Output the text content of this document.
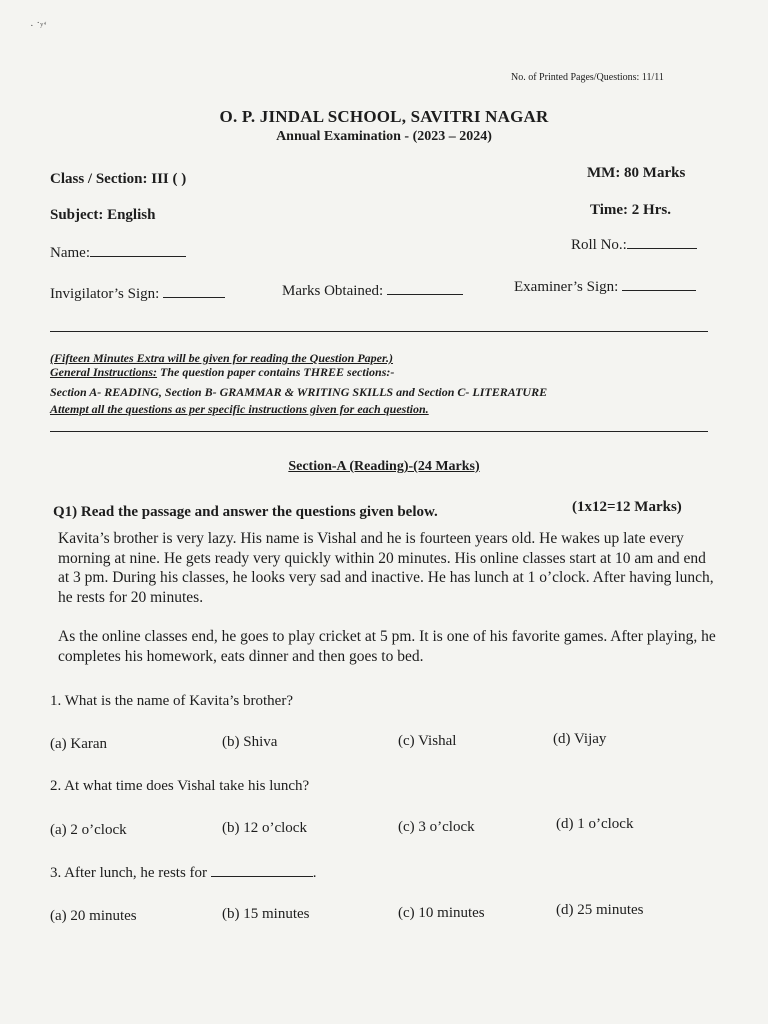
· ˙ʸ‘
No. of Printed Pages/Questions: 11/11
O. P. JINDAL SCHOOL, SAVITRI NAGAR
Annual Examination - (2023 – 2024)
Class / Section: III ( )	MM: 80 Marks
Subject: English	Time: 2 Hrs.
Name:	Roll No.:
Invigilator’s Sign:	Marks Obtained:	Examiner’s Sign:
(Fifteen Minutes Extra will be given for reading the Question Paper.)
General Instructions: The question paper contains THREE sections:-
Section A- READING, Section B- GRAMMAR & WRITING SKILLS and Section C- LITERATURE
Attempt all the questions as per specific instructions given for each question.
Section-A (Reading)-(24 Marks)
Q1) Read the passage and answer the questions given below.	(1x12=12 Marks)
Kavita’s brother is very lazy. His name is Vishal and he is fourteen years old. He wakes up late every morning at nine. He gets ready very quickly within 20 minutes. His online classes start at 10 am and end at 3 pm. During his classes, he looks very sad and inactive. He has lunch at 1 o’clock. After having lunch, he rests for 20 minutes.
As the online classes end, he goes to play cricket at 5 pm. It is one of his favorite games. After playing, he completes his homework, eats dinner and then goes to bed.
1. What is the name of Kavita’s brother?
(a) Karan	(b) Shiva	(c) Vishal	(d) Vijay
2. At what time does Vishal take his lunch?
(a) 2 o’clock	(b) 12 o’clock	(c) 3 o’clock	(d) 1 o’clock
3. After lunch, he rests for	.
(a) 20 minutes	(b) 15 minutes	(c) 10 minutes	(d) 25 minutes
